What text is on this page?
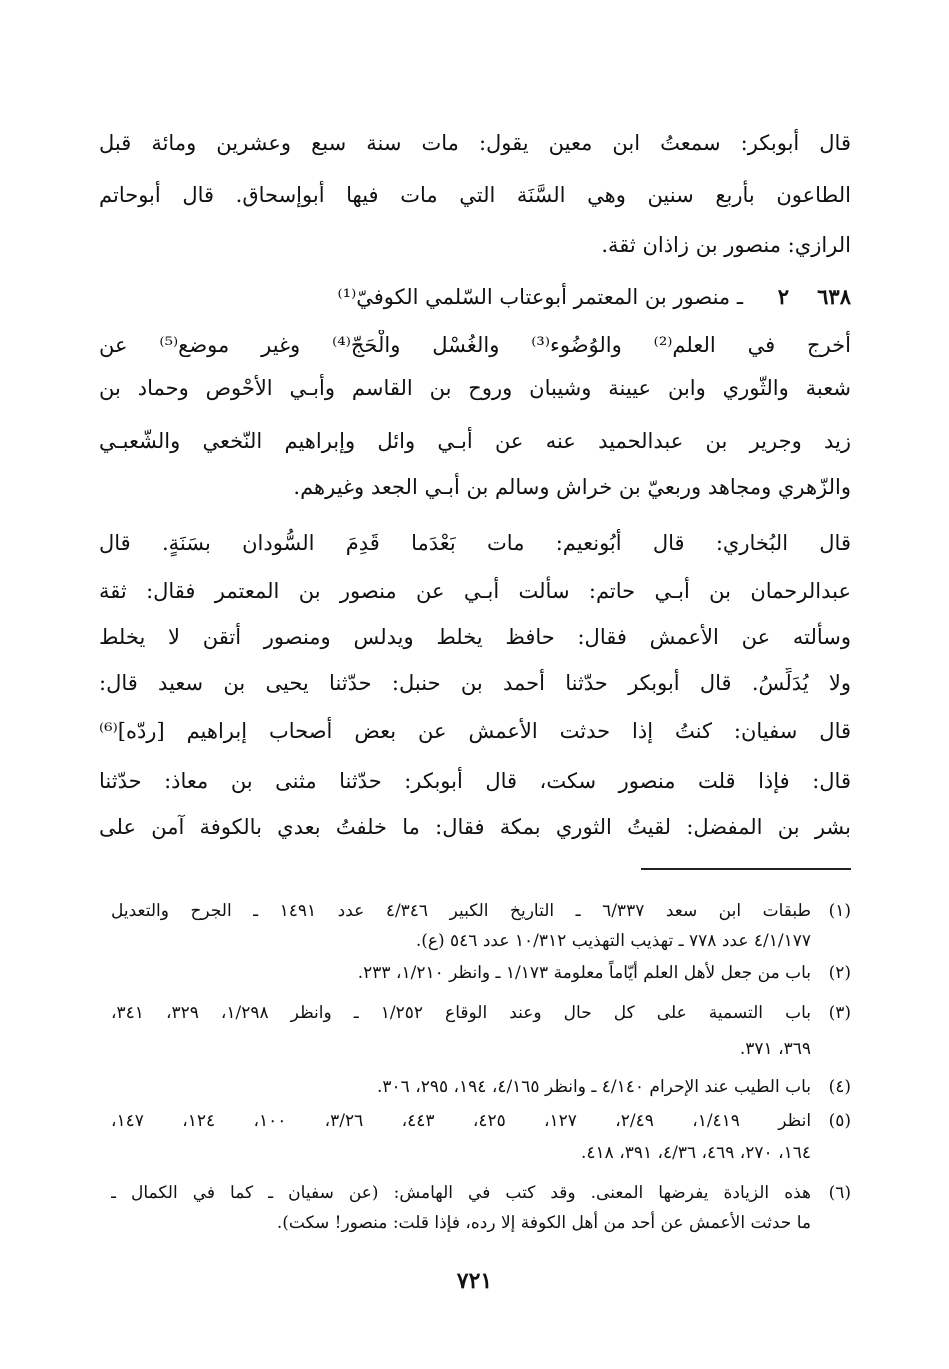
قال أبوبكر: سمعتُ ابن معين يقول: مات سنة سبع وعشرين ومائة قبل
الطاعون بأربع سنين وهي السَّنَة التي مات فيها أبوإسحاق. قال أبوحاتم
الرازي: منصور بن زاذان ثقة.
٦٣٨
٢
ـ منصور بن المعتمر أبوعتاب السّلمي الكوفيّ⁽¹⁾
أخرج في العلم⁽²⁾ والوُضُوء⁽³⁾ والغُسْل والْحَجّ⁽⁴⁾ وغير موضع⁽⁵⁾ عن
شعبة والثّوري وابن عيينة وشيبان وروح بن القاسم وأبـي الأحْوص وحماد بن
زيد وجرير بن عبدالحميد عنه عن أبـي وائل وإبراهيم النّخعي والشّعبـي
والزّهري ومجاهد وربعيّ بن خراش وسالم بن أبـي الجعد وغيرهم.
قال البُخاري: قال أبُونعيم: مات بَعْدَما قَدِمَ السُّودان بسَنَةٍ. قال
عبدالرحمان بن أبـي حاتم: سألت أبـي عن منصور بن المعتمر فقال: ثقة
وسألته عن الأعمش فقال: حافظ يخلط ويدلس ومنصور أتقن لا يخلط
ولا يُدَلِّسُ. قال أبوبكر حدّثنا أحمد بن حنبل: حدّثنا يحيى بن سعيد قال:
قال سفيان: كنتُ إذا حدثت الأعمش عن بعض أصحاب إبراهيم [ردّه]⁽⁶⁾
قال: فإذا قلت منصور سكت، قال أبوبكر: حدّثنا مثنى بن معاذ: حدّثنا
بشر بن المفضل: لقيتُ الثوري بمكة فقال: ما خلفتُ بعدي بالكوفة آمن على
(١)
طبقات ابن سعد ٦/٣٣٧ ـ التاريخ الكبير ٤/٣٤٦ عدد ١٤٩١ ـ الجرح والتعديل
٤/١/١٧٧ عدد ٧٧٨ ـ تهذيب التهذيب ١٠/٣١٢ عدد ٥٤٦ (ع).
(٢)
باب من جعل لأهل العلم أيّاماً معلومة ١/١٧٣ ـ وانظر ١/٢١٠، ٢٣٣.
(٣)
باب التسمية على كل حال وعند الوقاع ١/٢٥٢ ـ وانظر ١/٢٩٨، ٣٢٩، ٣٤١،
٣٦٩، ٣٧١.
(٤)
باب الطيب عند الإحرام ٤/١٤٠ ـ وانظر ٤/١٦٥، ١٩٤، ٢٩٥، ٣٠٦.
(٥)
انظر ١/٤١٩، ٢/٤٩، ١٢٧، ٤٢٥، ٤٤٣، ٣/٢٦، ١٠٠، ١٢٤، ١٤٧،
١٦٤، ٢٧٠، ٤٦٩، ٤/٣٦، ٣٩١، ٤١٨.
(٦)
هذه الزيادة يفرضها المعنى. وقد كتب في الهامش: (عن سفيان ـ كما في الكمال ـ
ما حدثت الأعمش عن أحد من أهل الكوفة إلا رده، فإذا قلت: منصور! سكت).
٧٢١
